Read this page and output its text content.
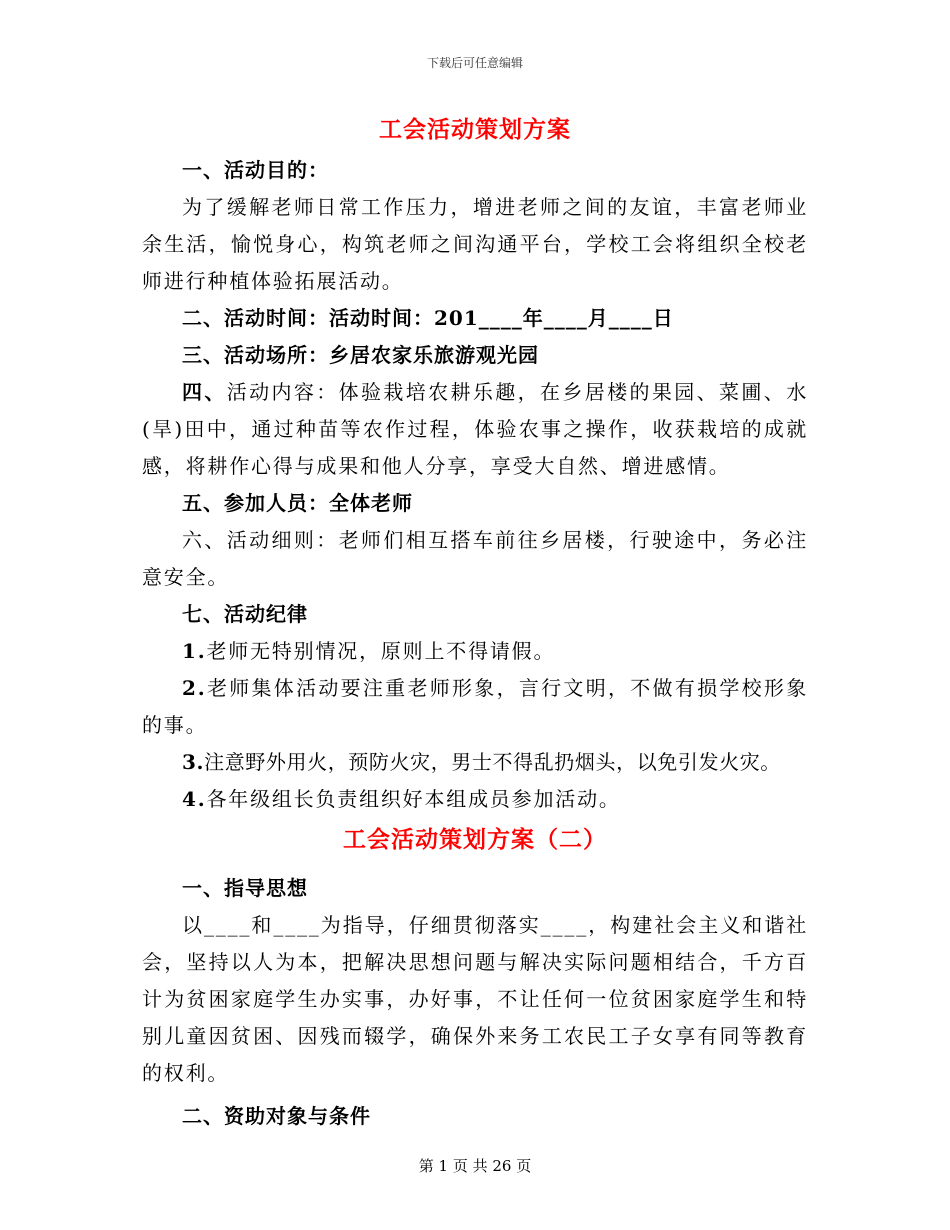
下载后可任意编辑
工会活动策划方案

一、活动目的：

为了缓解老师日常工作压力，增进老师之间的友谊，丰富老师业余生活，愉悦身心，构筑老师之间沟通平台，学校工会将组织全校老师进行种植体验拓展活动。

二、活动时间：活动时间：201____年____月____日

三、活动场所：乡居农家乐旅游观光园

四、活动内容：体验栽培农耕乐趣，在乡居楼的果园、菜圃、水(旱)田中，通过种苗等农作过程，体验农事之操作，收获栽培的成就感，将耕作心得与成果和他人分享，享受大自然、增进感情。

五、参加人员：全体老师

六、活动细则：老师们相互搭车前往乡居楼，行驶途中，务必注意安全。

七、活动纪律

1.老师无特别情况，原则上不得请假。

2.老师集体活动要注重老师形象，言行文明，不做有损学校形象的事。

3.注意野外用火，预防火灾，男士不得乱扔烟头，以免引发火灾。

4.各年级组长负责组织好本组成员参加活动。

工会活动策划方案（二）

一、指导思想

以____和____为指导，仔细贯彻落实____，构建社会主义和谐社会，坚持以人为本，把解决思想问题与解决实际问题相结合，千方百计为贫困家庭学生办实事，办好事，不让任何一位贫困家庭学生和特别儿童因贫困、因残而辍学，确保外来务工农民工子女享有同等教育的权利。

二、资助对象与条件

第 1 页 共 26 页
